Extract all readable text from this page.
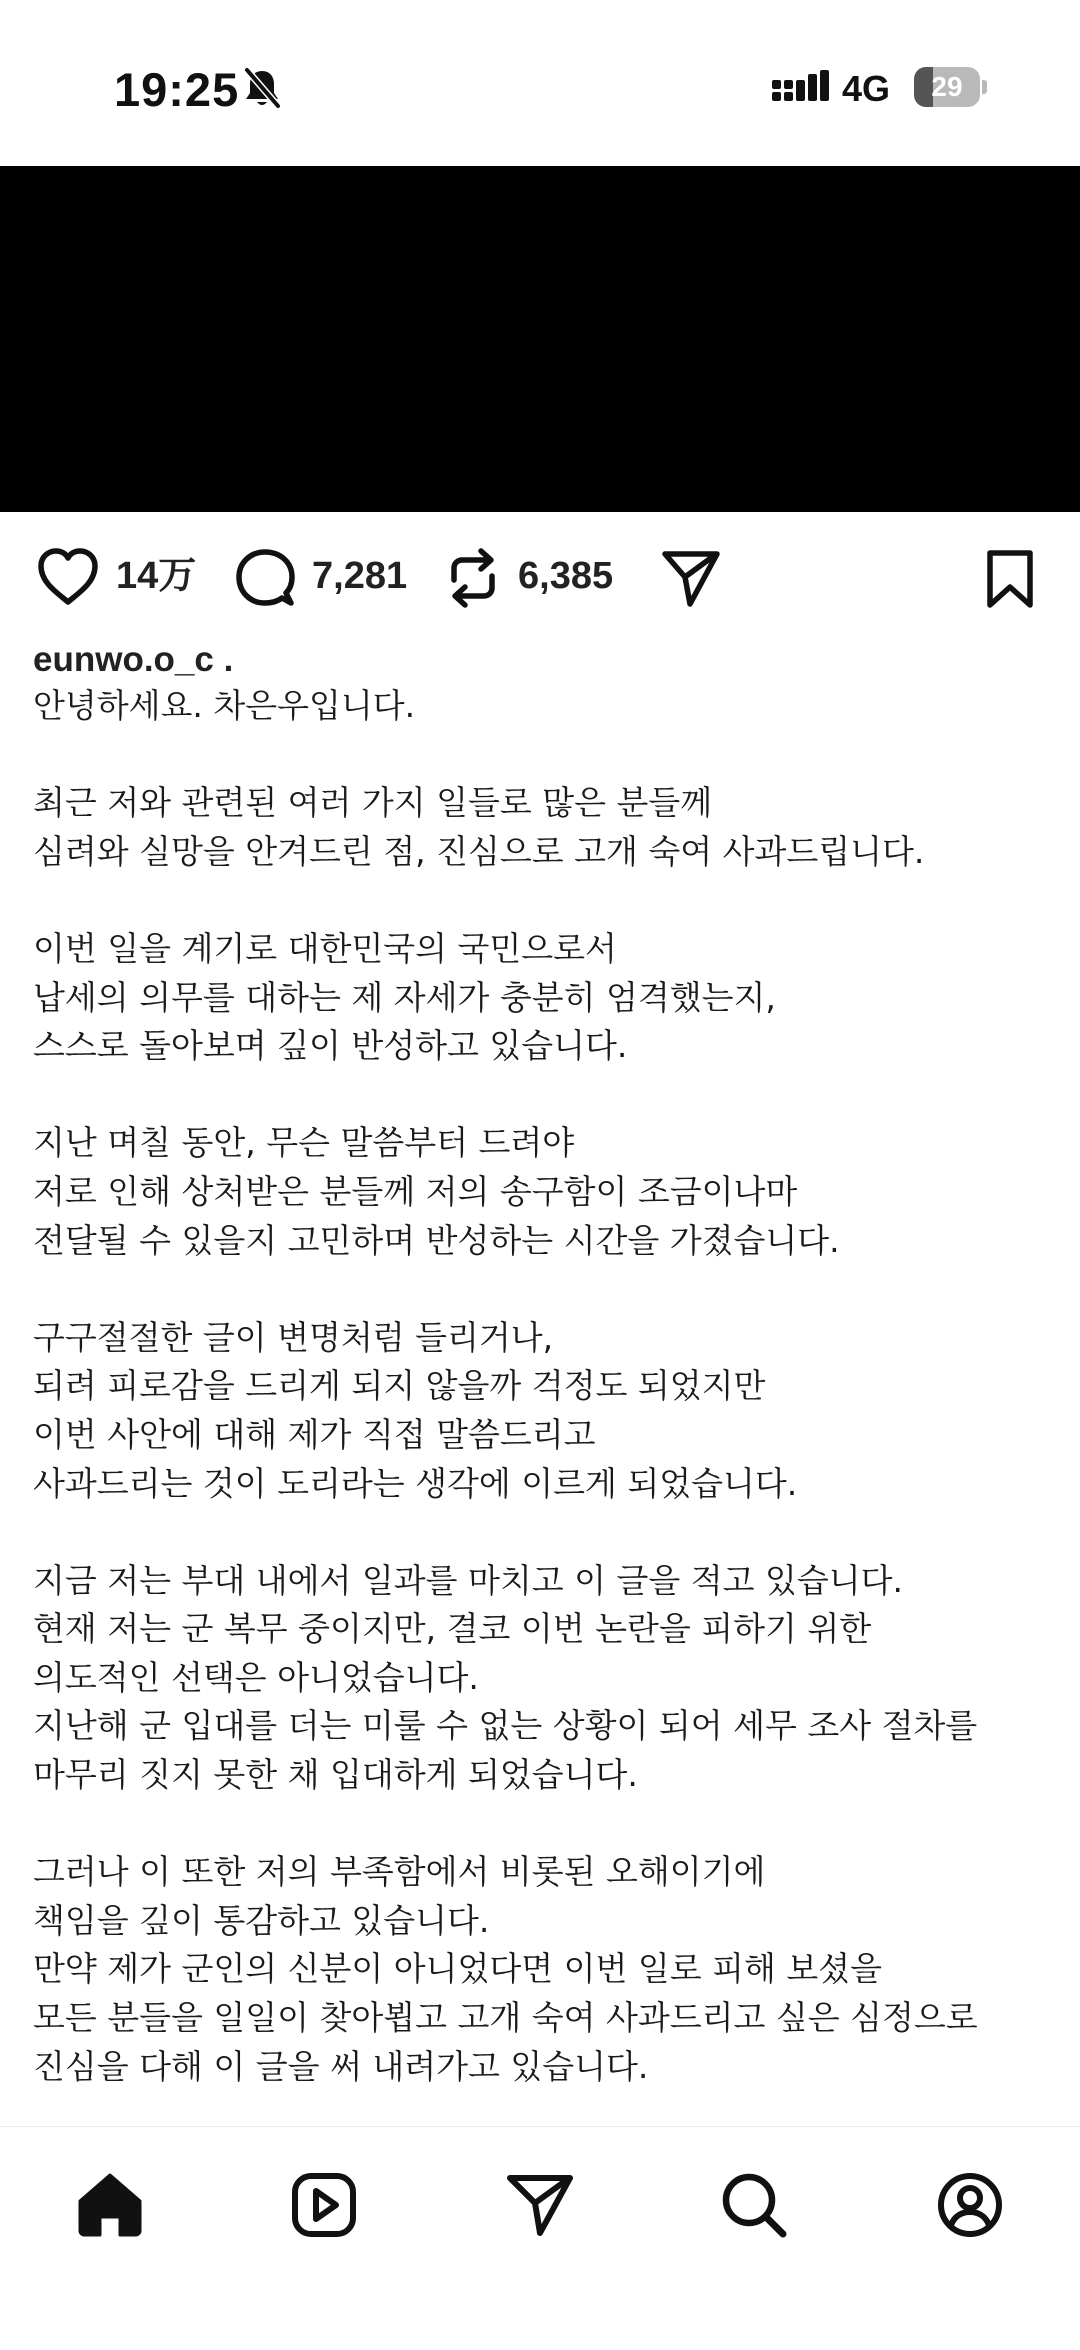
19:25	4G	29
14万	7,281	6,385
eunwo.o_c .
안녕하세요. 차은우입니다.
최근 저와 관련된 여러 가지 일들로 많은 분들께
심려와 실망을 안겨드린 점, 진심으로 고개 숙여 사과드립니다.
이번 일을 계기로 대한민국의 국민으로서
납세의 의무를 대하는 제 자세가 충분히 엄격했는지,
스스로 돌아보며 깊이 반성하고 있습니다.
지난 며칠 동안, 무슨 말씀부터 드려야
저로 인해 상처받은 분들께 저의 송구함이 조금이나마
전달될 수 있을지 고민하며 반성하는 시간을 가졌습니다.
구구절절한 글이 변명처럼 들리거나,
되려 피로감을 드리게 되지 않을까 걱정도 되었지만
이번 사안에 대해 제가 직접 말씀드리고
사과드리는 것이 도리라는 생각에 이르게 되었습니다.
지금 저는 부대 내에서 일과를 마치고 이 글을 적고 있습니다.
현재 저는 군 복무 중이지만, 결코 이번 논란을 피하기 위한
의도적인 선택은 아니었습니다.
지난해 군 입대를 더는 미룰 수 없는 상황이 되어 세무 조사 절차를
마무리 짓지 못한 채 입대하게 되었습니다.
그러나 이 또한 저의 부족함에서 비롯된 오해이기에
책임을 깊이 통감하고 있습니다.
만약 제가 군인의 신분이 아니었다면 이번 일로 피해 보셨을
모든 분들을 일일이 찾아뵙고 고개 숙여 사과드리고 싶은 심정으로
진심을 다해 이 글을 써 내려가고 있습니다.
